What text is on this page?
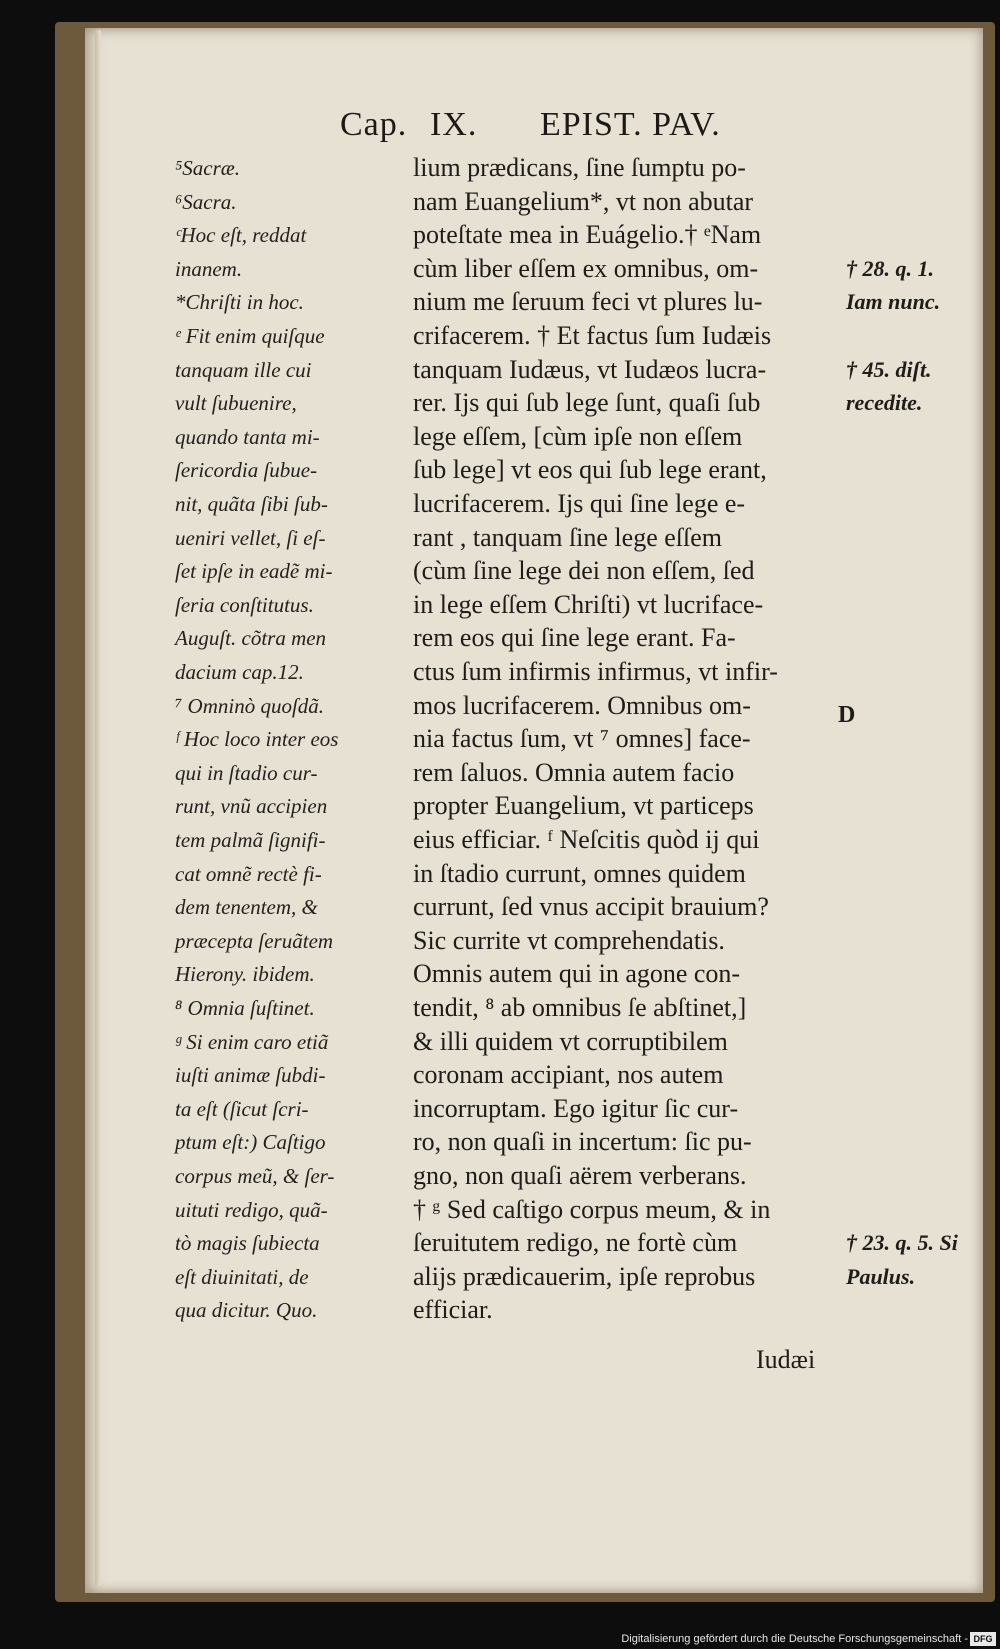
Cap. IX. EPIST. PAV.
lium prædicans, ſine ſumptu po-
nam Euangelium*, vt non abutar
poteſtate mea in Euágelio.† ᵉNam
cùm liber eſſem ex omnibus, om-
nium me ſeruum feci vt plures lu-
crifacerem. † Et factus ſum Iudæis
tanquam Iudæus, vt Iudæos lucra-
rer. Ijs qui ſub lege ſunt, quaſi ſub
lege eſſem, [cùm ipſe non eſſem
ſub lege] vt eos qui ſub lege erant,
lucrifacerem. Ijs qui ſine lege e-
rant , tanquam ſine lege eſſem
(cùm ſine lege dei non eſſem, ſed
in lege eſſem Chriſti) vt lucriface-
rem eos qui ſine lege erant. Fa-
ctus ſum infirmis infirmus, vt infir-
mos lucrifacerem. Omnibus om-
nia factus ſum, vt ⁷ omnes] face-
rem ſaluos. Omnia autem facio
propter Euangelium, vt particeps
eius efficiar. ᶠ Neſcitis quòd ij qui
in ſtadio currunt, omnes quidem
currunt, ſed vnus accipit brauium?
Sic currite vt comprehendatis.
Omnis autem qui in agone con-
tendit, ⁸ ab omnibus ſe abſtinet,]
& illi quidem vt corruptibilem
coronam accipiant, nos autem
incorruptam. Ego igitur ſic cur-
ro, non quaſi in incertum: ſic pu-
gno, non quaſi aërem verberans.
† ᵍ Sed caſtigo corpus meum, & in
ſeruitutem redigo, ne fortè cùm
alijs prædicauerim, ipſe reprobus
efficiar.
⁵Sacræ.
⁶Sacra.
ᶜHoc eſt, reddat
inanem.
*Chriſti in hoc.
ᵉ Fit enim quiſque
tanquam ille cui
vult ſubuenire,
quando tanta mi-
ſericordia ſubue-
nit, quãta ſibi ſub-
ueniri vellet, ſi eſ-
ſet ipſe in eadẽ mi-
ſeria conſtitutus.
Auguſt. cõtra men
dacium cap.12.
⁷ Omninò quoſdã.
ᶠ Hoc loco inter eos
qui in ſtadio cur-
runt, vnũ accipien
tem palmã ſignifi-
cat omnẽ rectè fi-
dem tenentem, &
præcepta ſeruãtem
Hierony. ibidem.
⁸ Omnia ſuſtinet.
ᵍ Si enim caro etiã
iuſti animæ ſubdi-
ta eſt (ſicut ſcri-
ptum eſt:) Caſtigo
corpus meũ, & ſer-
uituti redigo, quã-
tò magis ſubiecta
eſt diuinitati, de
qua dicitur. Quo.
† 28. q. 1.
Iam nunc.
† 45. diſt.
recedite.
† 23. q. 5. Si
Paulus.
D
Iudæi
Digitalisierung gefördert durch die Deutsche Forschungsgemeinschaft - DFG
